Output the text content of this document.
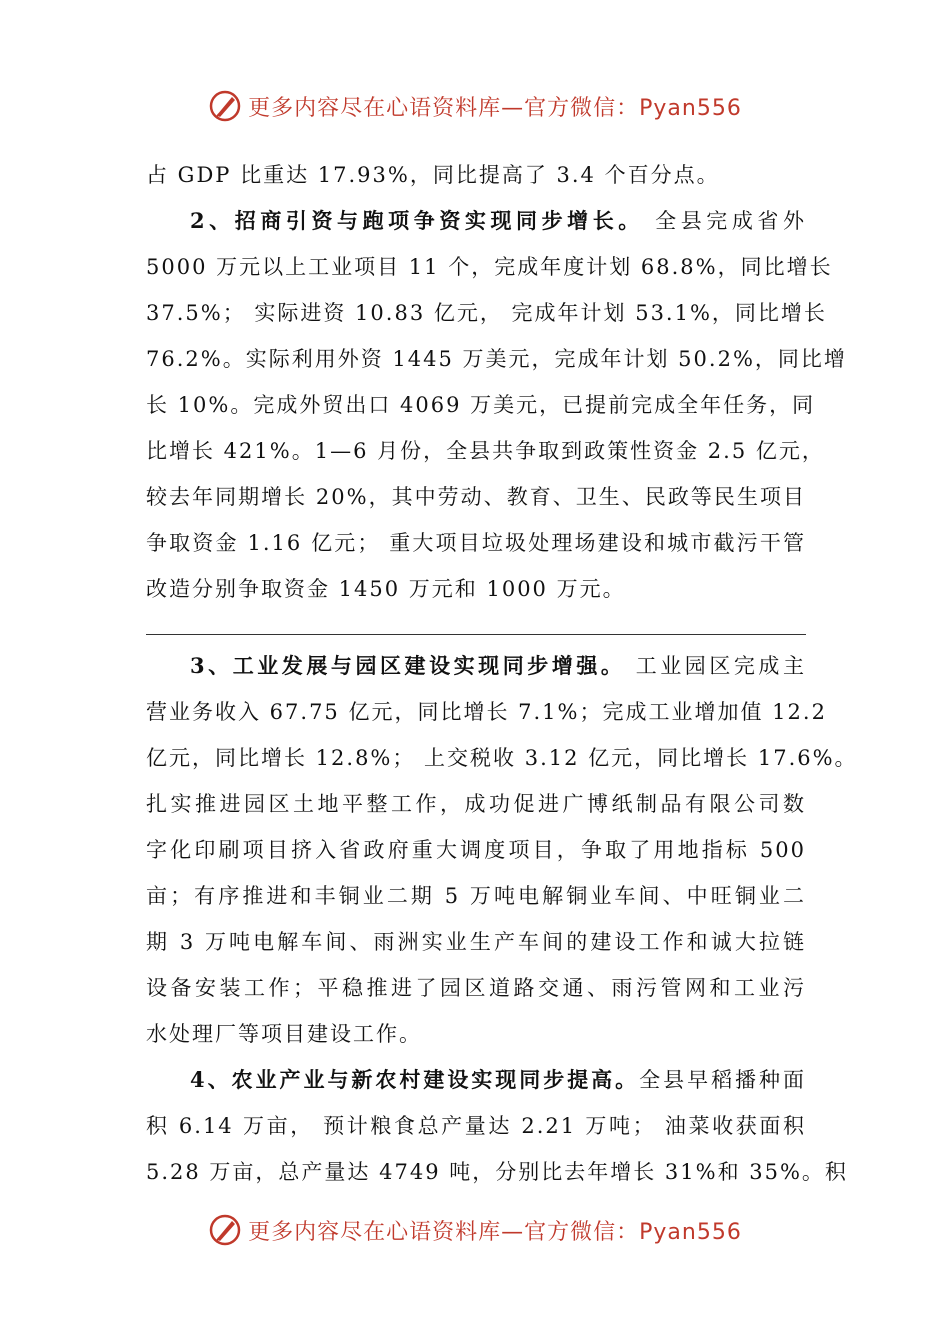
更多内容尽在心语资料库—官方微信：Pyan556
占 GDP 比重达 17.93%，同比提高了 3.4 个百分点。
2、招商引资与跑项争资实现同步增长。 全县完成省外
5000 万元以上工业项目 11 个，完成年度计划 68.8%，同比增长
37.5%； 实际进资 10.83 亿元， 完成年计划 53.1%，同比增长
76.2%。实际利用外资 1445 万美元，完成年计划 50.2%，同比增
长 10%。完成外贸出口 4069 万美元，已提前完成全年任务，同
比增长 421%。1—6 月份，全县共争取到政策性资金 2.5 亿元，
较去年同期增长 20%，其中劳动、教育、卫生、民政等民生项目
争取资金 1.16 亿元； 重大项目垃圾处理场建设和城市截污干管
改造分别争取资金 1450 万元和 1000 万元。
3、工业发展与园区建设实现同步增强。 工业园区完成主
营业务收入 67.75 亿元，同比增长 7.1%；完成工业增加值 12.2
亿元，同比增长 12.8%； 上交税收 3.12 亿元，同比增长 17.6%。
扎实推进园区土地平整工作，成功促进广博纸制品有限公司数
字化印刷项目挤入省政府重大调度项目，争取了用地指标 500
亩；有序推进和丰铜业二期 5 万吨电解铜业车间、中旺铜业二
期 3 万吨电解车间、雨洲实业生产车间的建设工作和诚大拉链
设备安装工作；平稳推进了园区道路交通、雨污管网和工业污
水处理厂等项目建设工作。
4、农业产业与新农村建设实现同步提高。全县早稻播种面
积 6.14 万亩， 预计粮食总产量达 2.21 万吨； 油菜收获面积
5.28 万亩，总产量达 4749 吨，分别比去年增长 31%和 35%。积
更多内容尽在心语资料库—官方微信：Pyan556
